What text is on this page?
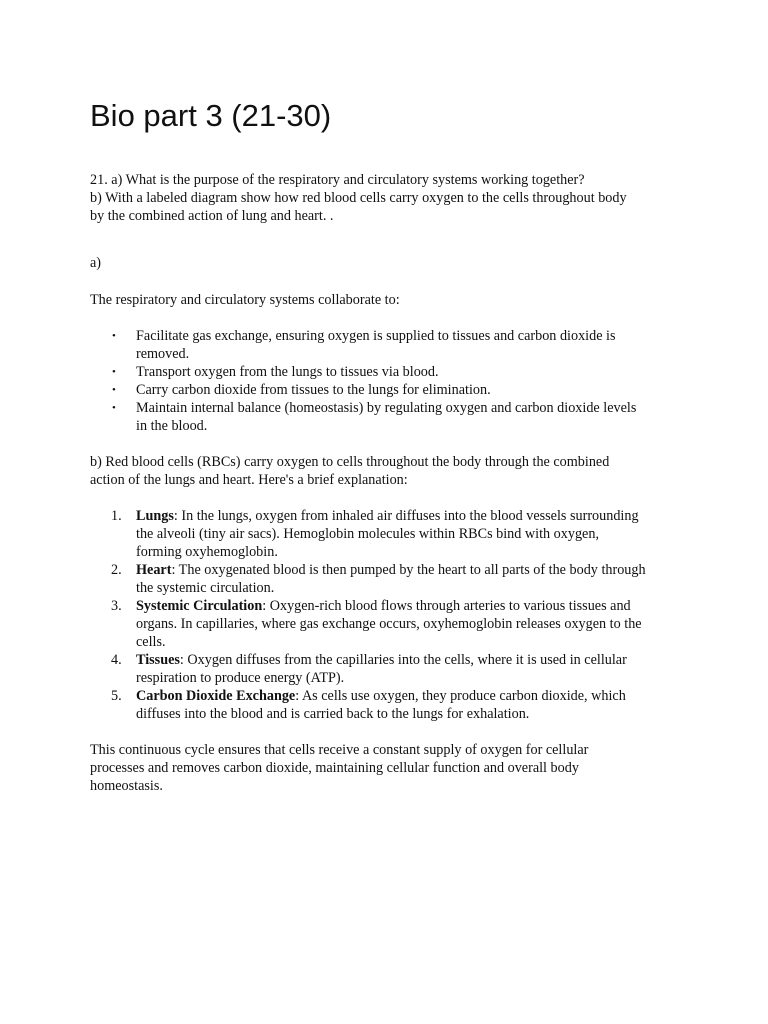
Bio part 3 (21-30)
21. a) What is the purpose of the respiratory and circulatory systems working together?
b) With a labeled diagram show how red blood cells carry oxygen to the cells throughout body
by the combined action of lung and heart. .
a)
The respiratory and circulatory systems collaborate to:
• Facilitate gas exchange, ensuring oxygen is supplied to tissues and carbon dioxide is
removed.
• Transport oxygen from the lungs to tissues via blood.
• Carry carbon dioxide from tissues to the lungs for elimination.
• Maintain internal balance (homeostasis) by regulating oxygen and carbon dioxide levels
in the blood.
b) Red blood cells (RBCs) carry oxygen to cells throughout the body through the combined
action of the lungs and heart. Here's a brief explanation:
1. Lungs: In the lungs, oxygen from inhaled air diffuses into the blood vessels surrounding
the alveoli (tiny air sacs). Hemoglobin molecules within RBCs bind with oxygen,
forming oxyhemoglobin.
2. Heart: The oxygenated blood is then pumped by the heart to all parts of the body through
the systemic circulation.
3. Systemic Circulation: Oxygen-rich blood flows through arteries to various tissues and
organs. In capillaries, where gas exchange occurs, oxyhemoglobin releases oxygen to the
cells.
4. Tissues: Oxygen diffuses from the capillaries into the cells, where it is used in cellular
respiration to produce energy (ATP).
5. Carbon Dioxide Exchange: As cells use oxygen, they produce carbon dioxide, which
diffuses into the blood and is carried back to the lungs for exhalation.
This continuous cycle ensures that cells receive a constant supply of oxygen for cellular
processes and removes carbon dioxide, maintaining cellular function and overall body
homeostasis.
